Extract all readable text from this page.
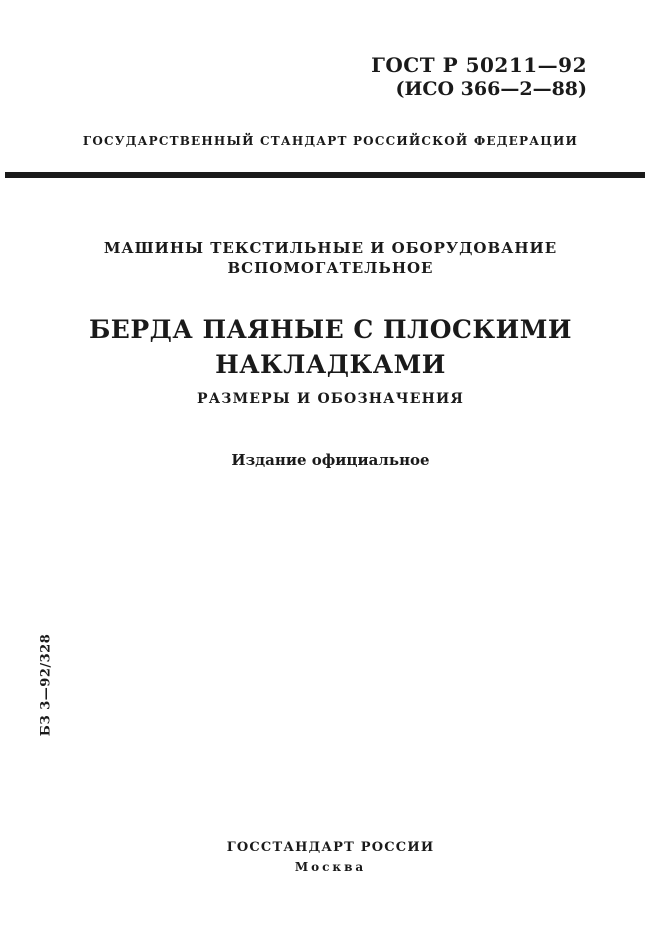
ГОСТ Р 50211—92
(ИСО 366—2—88)
ГОСУДАРСТВЕННЫЙ СТАНДАРТ РОССИЙСКОЙ ФЕДЕРАЦИИ
МАШИНЫ ТЕКСТИЛЬНЫЕ И ОБОРУДОВАНИЕ
ВСПОМОГАТЕЛЬНОЕ
БЕРДА ПАЯНЫЕ С ПЛОСКИМИ
НАКЛАДКАМИ
РАЗМЕРЫ И ОБОЗНАЧЕНИЯ
Издание официальное
БЗ 3—92/328
ГОССТАНДАРТ РОССИИ
Москва
